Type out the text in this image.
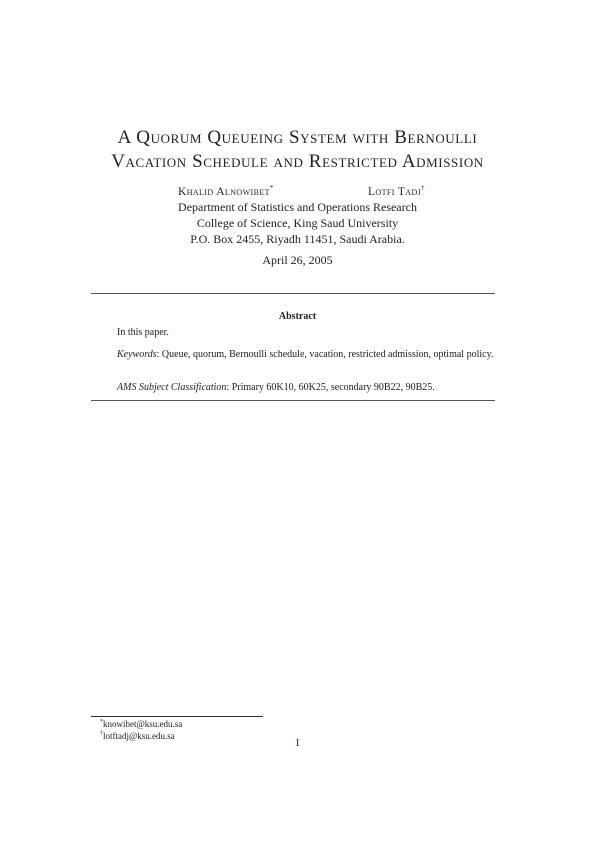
A Quorum Queueing System with Bernoulli
Vacation Schedule and Restricted Admission
Khalid Alnowibet*	Lotfi Tadj†
Department of Statistics and Operations Research
College of Science, King Saud University
P.O. Box 2455, Riyadh 11451, Saudi Arabia.
April 26, 2005
Abstract
In this paper.
Keywords: Queue, quorum, Bernoulli schedule, vacation, restricted admission, optimal policy.
AMS Subject Classification: Primary 60K10, 60K25, secondary 90B22, 90B25.
*knowibet@ksu.edu.sa
†lotftadj@ksu.edu.sa
1
